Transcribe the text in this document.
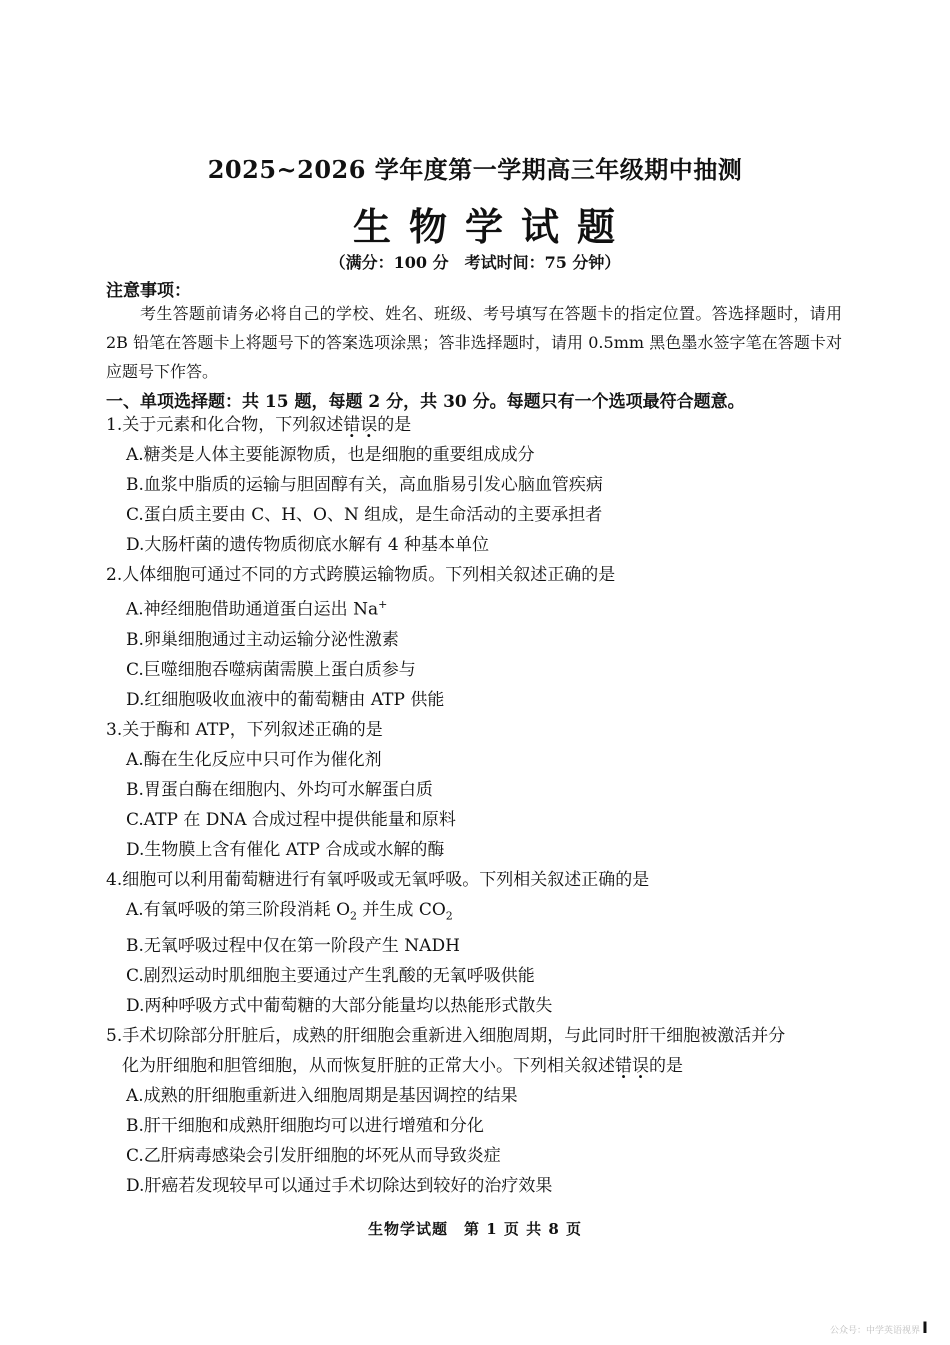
2025~2026 学年度第一学期高三年级期中抽测
生物学试题
（满分：100 分　考试时间：75 分钟）
注意事项：
考生答题前请务必将自己的学校、姓名、班级、考号填写在答题卡的指定位置。答选择题时，请用 2B 铅笔在答题卡上将题号下的答案选项涂黑；答非选择题时，请用 0.5mm 黑色墨水签字笔在答题卡对应题号下作答。
一、单项选择题：共 15 题，每题 2 分，共 30 分。每题只有一个选项最符合题意。

1.关于元素和化合物，下列叙述错误的是

A.糖类是人体主要能源物质，也是细胞的重要组成成分

B.血浆中脂质的运输与胆固醇有关，高血脂易引发心脑血管疾病

C.蛋白质主要由 C、H、O、N 组成，是生命活动的主要承担者

D.大肠杆菌的遗传物质彻底水解有 4 种基本单位

2.人体细胞可通过不同的方式跨膜运输物质。下列相关叙述正确的是

A.神经细胞借助通道蛋白运出 Na+

B.卵巢细胞通过主动运输分泌性激素

C.巨噬细胞吞噬病菌需膜上蛋白质参与

D.红细胞吸收血液中的葡萄糖由 ATP 供能

3.关于酶和 ATP，下列叙述正确的是

A.酶在生化反应中只可作为催化剂

B.胃蛋白酶在细胞内、外均可水解蛋白质

C.ATP 在 DNA 合成过程中提供能量和原料

D.生物膜上含有催化 ATP 合成或水解的酶

4.细胞可以利用葡萄糖进行有氧呼吸或无氧呼吸。下列相关叙述正确的是

A.有氧呼吸的第三阶段消耗 $O_2$ 并生成 $CO_2$

B.无氧呼吸过程中仅在第一阶段产生 NADH

C.剧烈运动时肌细胞主要通过产生乳酸的无氧呼吸供能

D.两种呼吸方式中葡萄糖的大部分能量均以热能形式散失

5.手术切除部分肝脏后，成熟的肝细胞会重新进入细胞周期，与此同时肝干细胞被激活并分

化为肝细胞和胆管细胞，从而恢复肝脏的正常大小。下列相关叙述错误的是

A.成熟的肝细胞重新进入细胞周期是基因调控的结果

B.肝干细胞和成熟肝细胞均可以进行增殖和分化

C.乙肝病毒感染会引发肝细胞的坏死从而导致炎症

D.肝癌若发现较早可以通过手术切除达到较好的治疗效果

生物学试题　第 1 页 共 8 页
公众号：中学英语视界 I
